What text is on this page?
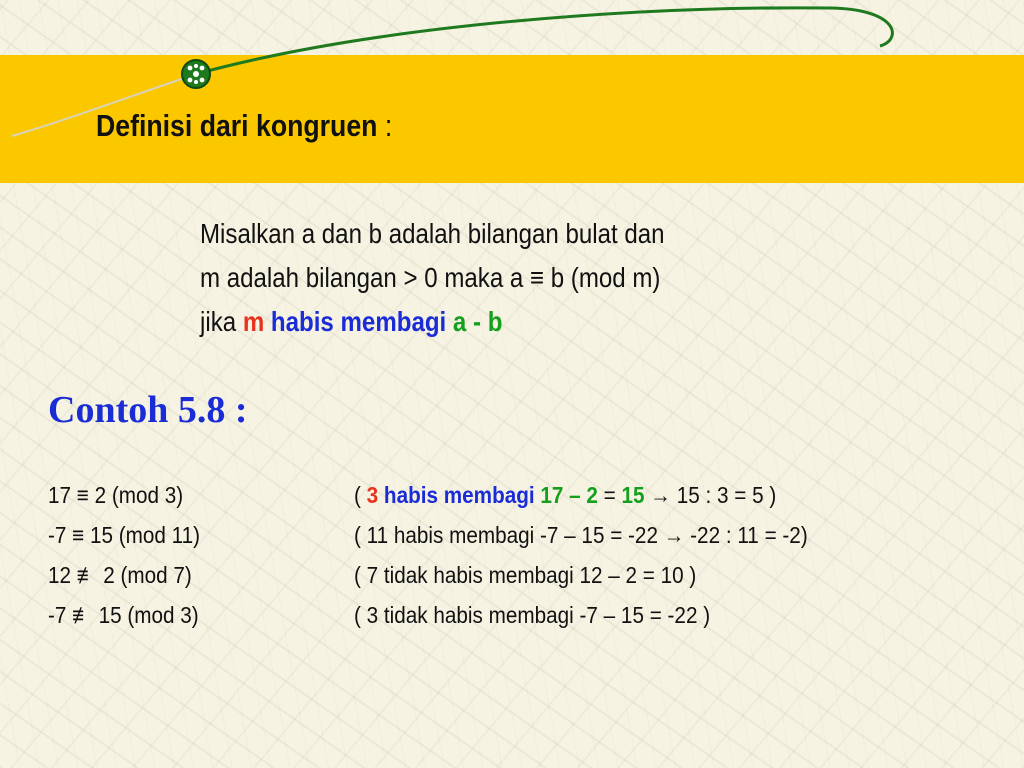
Definisi dari kongruen :
Misalkan a dan b adalah bilangan bulat dan
m adalah bilangan > 0 maka a ≡ b (mod m)
jika m habis membagi a - b
Contoh 5.8 :
17 ≡ 2 (mod 3)	( 3 habis membagi 17 – 2 = 15 → 15 : 3 = 5 )
-7 ≡ 15 (mod 11)	( 11 habis membagi -7 – 15 = -22 → -22 : 11 = -2)
12 ≢ 2 (mod 7)	( 7 tidak habis membagi 12 – 2 = 10 )
-7 ≢ 15 (mod 3)	( 3 tidak habis membagi -7 – 15 = -22 )
